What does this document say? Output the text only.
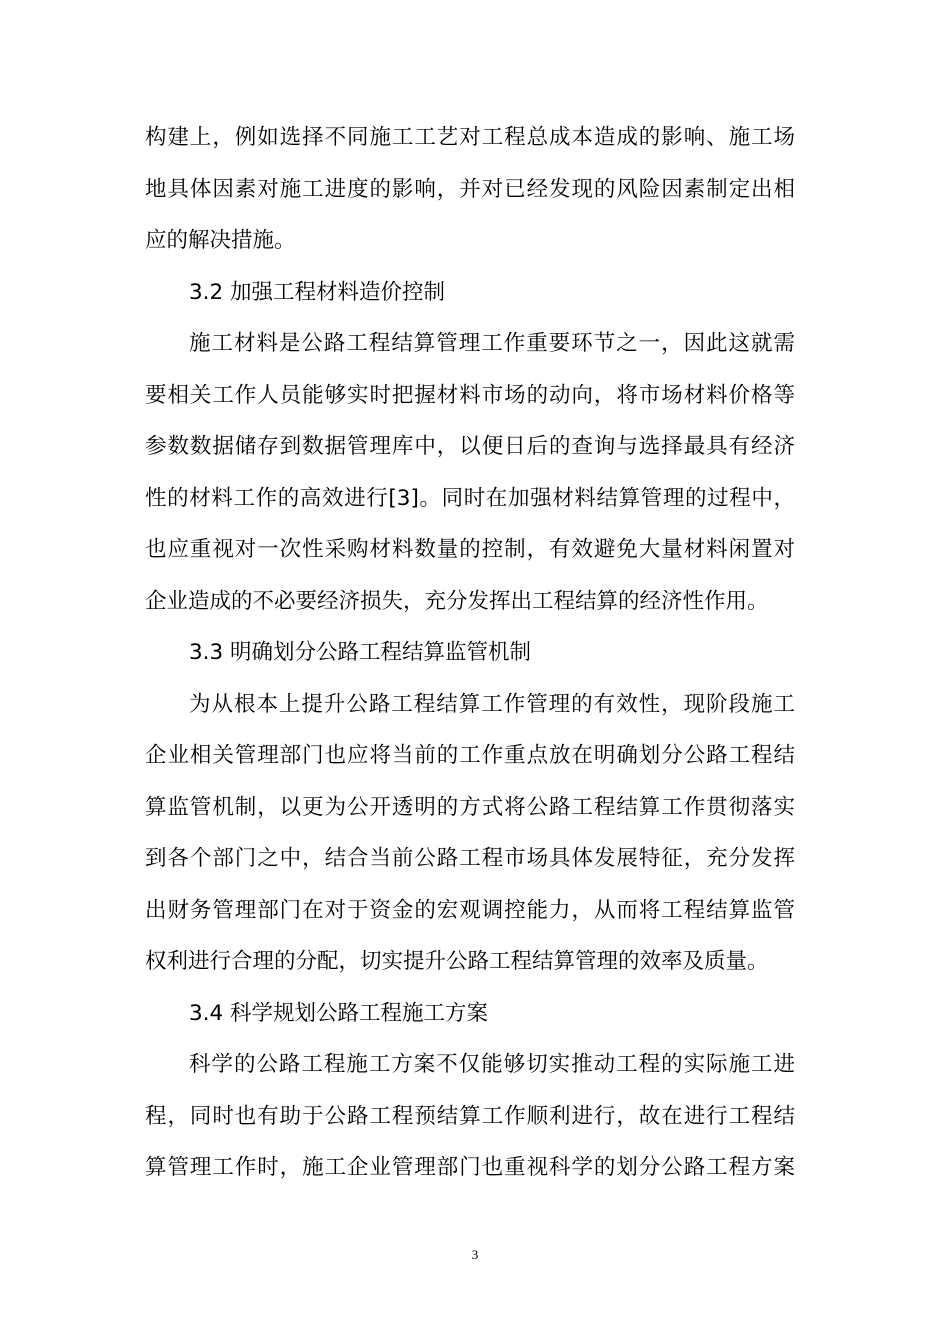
构建上，例如选择不同施工工艺对工程总成本造成的影响、施工场
地具体因素对施工进度的影响，并对已经发现的风险因素制定出相
应的解决措施。
3.2 加强工程材料造价控制
施工材料是公路工程结算管理工作重要环节之一，因此这就需
要相关工作人员能够实时把握材料市场的动向，将市场材料价格等
参数数据储存到数据管理库中，以便日后的查询与选择最具有经济
性的材料工作的高效进行[3]。同时在加强材料结算管理的过程中，
也应重视对一次性采购材料数量的控制，有效避免大量材料闲置对
企业造成的不必要经济损失，充分发挥出工程结算的经济性作用。
3.3 明确划分公路工程结算监管机制
为从根本上提升公路工程结算工作管理的有效性，现阶段施工
企业相关管理部门也应将当前的工作重点放在明确划分公路工程结
算监管机制，以更为公开透明的方式将公路工程结算工作贯彻落实
到各个部门之中，结合当前公路工程市场具体发展特征，充分发挥
出财务管理部门在对于资金的宏观调控能力，从而将工程结算监管
权利进行合理的分配，切实提升公路工程结算管理的效率及质量。
3.4 科学规划公路工程施工方案
科学的公路工程施工方案不仅能够切实推动工程的实际施工进
程，同时也有助于公路工程预结算工作顺利进行，故在进行工程结
算管理工作时，施工企业管理部门也重视科学的划分公路工程方案
3
